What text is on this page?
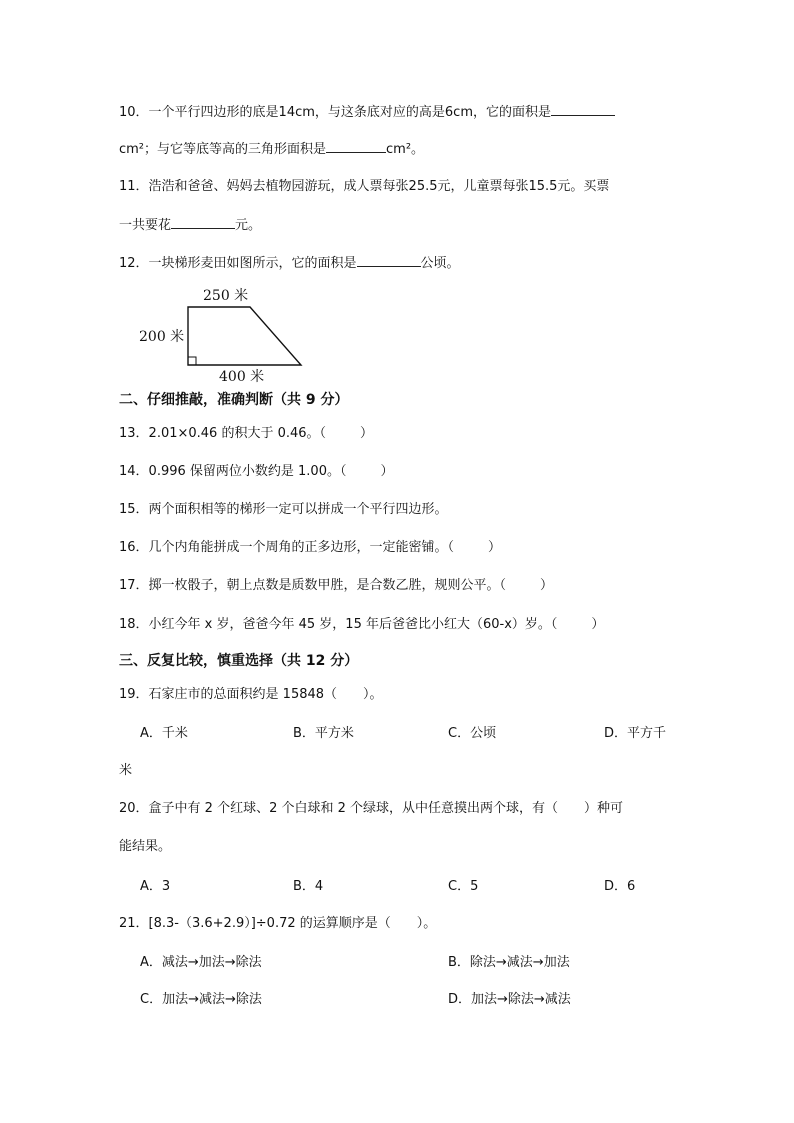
10．一个平行四边形的底是14cm，与这条底对应的高是6cm，它的面积是
cm²；与它等底等高的三角形面积是	cm²。
11．浩浩和爸爸、妈妈去植物园游玩，成人票每张25.5元，儿童票每张15.5元。买票
一共要花	元。
12．一块梯形麦田如图所示，它的面积是	公顷。
250 米
200 米
400 米
二、仔细推敲，准确判断（共 9 分）
13．2.01×0.46 的积大于 0.46。（	）
14．0.996 保留两位小数约是 1.00。（	）
15．两个面积相等的梯形一定可以拼成一个平行四边形。
16．几个内角能拼成一个周角的正多边形，一定能密铺。（	）
17．掷一枚骰子，朝上点数是质数甲胜，是合数乙胜，规则公平。（	）
18．小红今年 x 岁，爸爸今年 45 岁，15 年后爸爸比小红大（60-x）岁。（	）
三、反复比较，慎重选择（共 12 分）
19．石家庄市的总面积约是 15848（　　）。
A．千米	B．平方米	C．公顷	D．平方千
米
20．盒子中有 2 个红球、2 个白球和 2 个绿球，从中任意摸出两个球，有（　　）种可
能结果。
A．3	B．4	C．5	D．6
21．[8.3-（3.6+2.9）]÷0.72 的运算顺序是（　　）。
A．减法→加法→除法	B．除法→减法→加法
C．加法→减法→除法	D．加法→除法→减法
